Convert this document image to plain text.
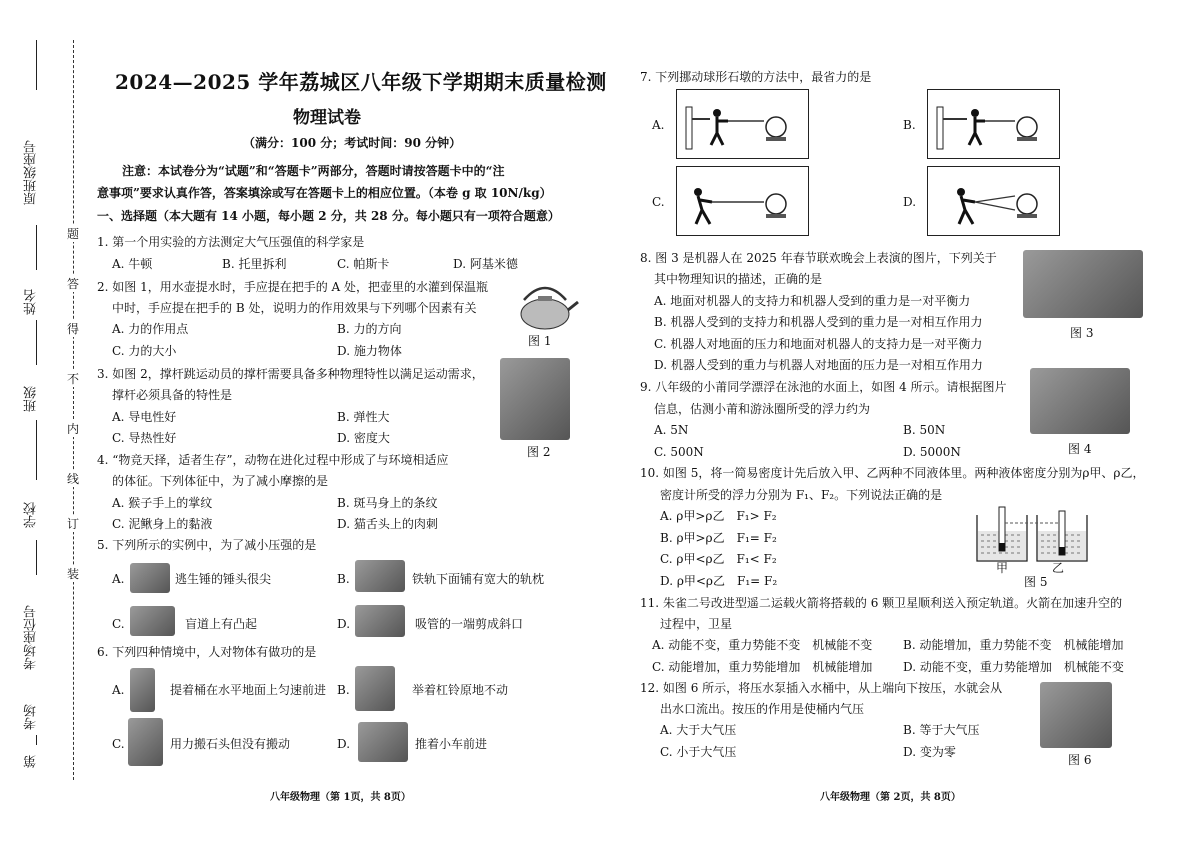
原班级座号
姓名
班级
学校
考场座位号
考场
第
题
答
得
不
内
线
订
装
2024—2025 学年荔城区八年级下学期期末质量检测
物理试卷
（满分：100 分；考试时间：90 分钟）
注意：本试卷分为“试题”和“答题卡”两部分，答题时请按答题卡中的“注
意事项”要求认真作答，答案填涂或写在答题卡上的相应位置。（本卷 g 取 10N/kg）
一、选择题（本大题有 14 小题，每小题 2 分，共 28 分。每小题只有一项符合题意）
1. 第一个用实验的方法测定大气压强值的科学家是
A. 牛顿	B. 托里拆利	C. 帕斯卡	D. 阿基米德
2. 如图 1，用水壶提水时，手应提在把手的 A 处，把壶里的水灌到保温瓶
中时，手应提在把手的 B 处，说明力的作用效果与下列哪个因素有关
A. 力的作用点	B. 力的方向
C. 力的大小	D. 施力物体
图 1
3. 如图 2，撑杆跳运动员的撑杆需要具备多种物理特性以满足运动需求，
撑杆必须具备的特性是
A. 导电性好	B. 弹性大
C. 导热性好	D. 密度大
图 2
4. “物竞天择，适者生存”，动物在进化过程中形成了与环境相适应
的体征。下列体征中，为了减小摩擦的是
A. 猴子手上的掌纹	B. 斑马身上的条纹
C. 泥鳅身上的黏液	D. 猫舌头上的肉刺
5. 下列所示的实例中，为了减小压强的是
A.	逃生锤的锤头很尖	B.	铁轨下面铺有宽大的轨枕
C.	盲道上有凸起	D.	吸管的一端剪成斜口
6. 下列四种情境中，人对物体有做功的是
A.	提着桶在水平地面上匀速前进 B.	举着杠铃原地不动
C.	用力搬石头但没有搬动	D.	推着小车前进
八年级物理（第 1页，共 8页）
7. 下列挪动球形石墩的方法中，最省力的是
A.	B.
C.	D.
8. 图 3 是机器人在 2025 年春节联欢晚会上表演的图片，下列关于
其中物理知识的描述，正确的是
A. 地面对机器人的支持力和机器人受到的重力是一对平衡力
B. 机器人受到的支持力和机器人受到的重力是一对相互作用力
C. 机器人对地面的压力和地面对机器人的支持力是一对平衡力
D. 机器人受到的重力与机器人对地面的压力是一对相互作用力
图 3
9. 八年级的小莆同学漂浮在泳池的水面上，如图 4 所示。请根据图片
信息，估测小莆和游泳圈所受的浮力约为
A. 5N	B. 50N
C. 500N	D. 5000N	图 4
10. 如图 5，将一简易密度计先后放入甲、乙两种不同液体里。两种液体密度分别为ρ甲、ρ乙，
密度计所受的浮力分别为 F₁、F₂。下列说法正确的是
A. ρ甲>ρ乙　F₁> F₂
B. ρ甲>ρ乙　F₁= F₂
C. ρ甲<ρ乙　F₁< F₂
D. ρ甲<ρ乙　F₁= F₂
甲	乙
图 5
11. 朱雀二号改进型遥二运载火箭将搭载的 6 颗卫星顺利送入预定轨道。火箭在加速升空的
过程中，卫星
A. 动能不变，重力势能不变　机械能不变	B. 动能增加，重力势能不变　机械能增加
C. 动能增加，重力势能增加　机械能增加	D. 动能不变，重力势能增加　机械能不变
12. 如图 6 所示，将压水泵插入水桶中，从上端向下按压，水就会从
出水口流出。按压的作用是使桶内气压
A. 大于大气压	B. 等于大气压
C. 小于大气压	D. 变为零
图 6
八年级物理（第 2页，共 8页）
